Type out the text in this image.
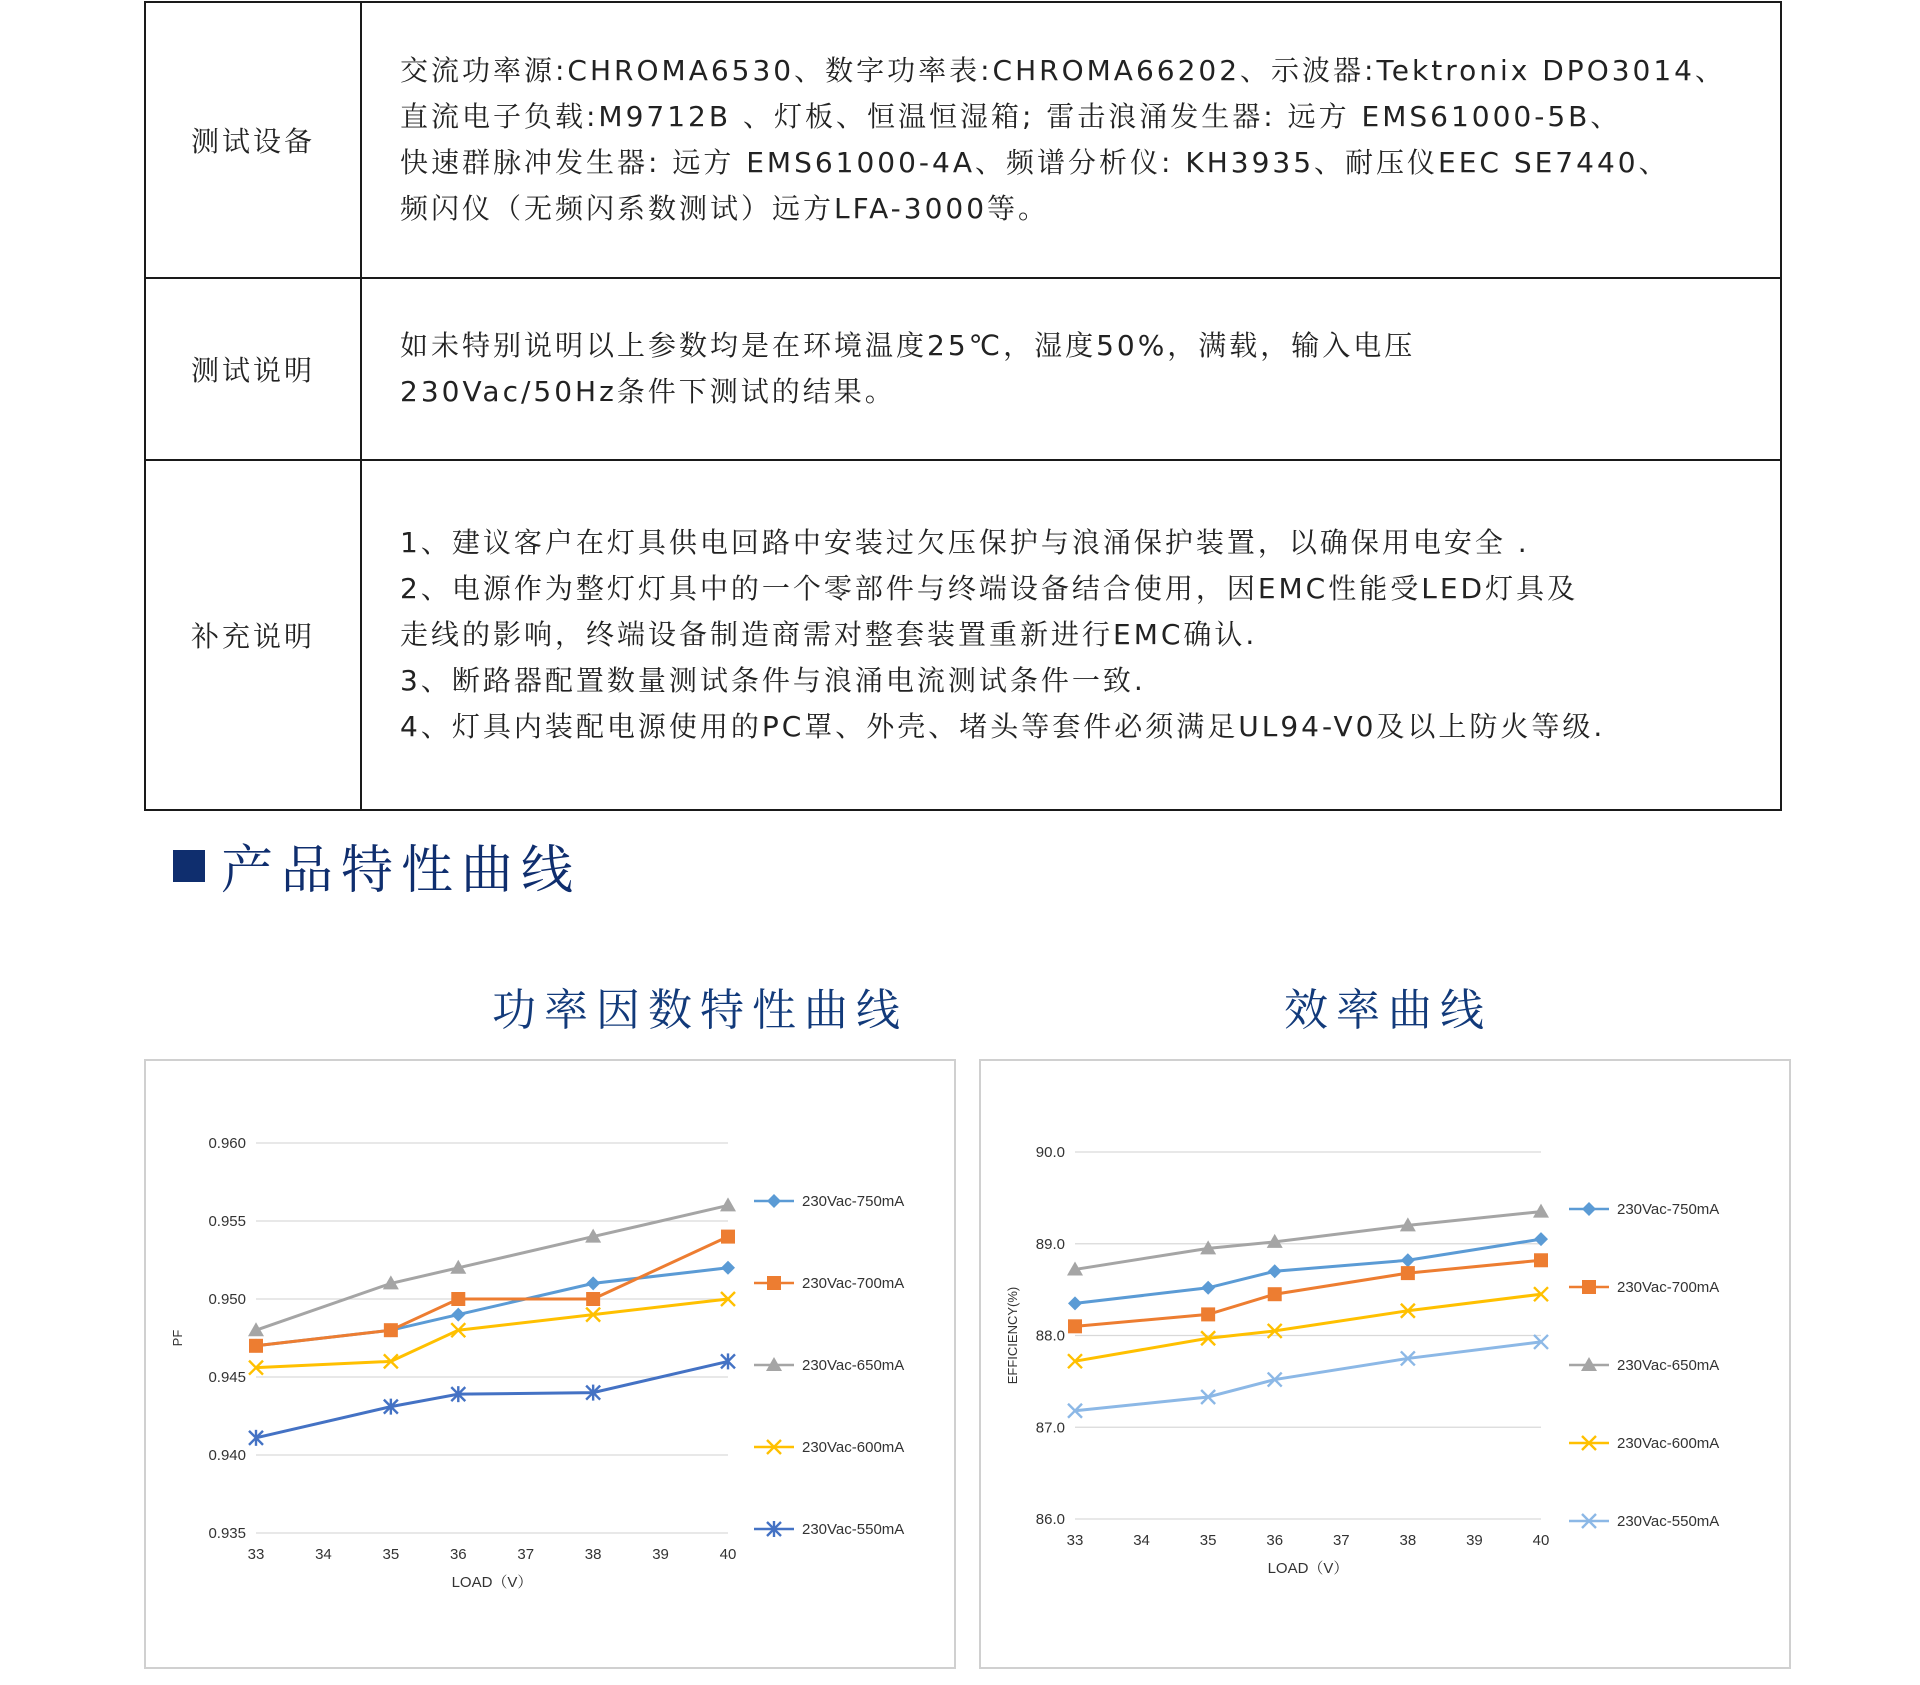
测试设备	交流功率源:CHROMA6530、数字功率表:CHROMA66202、示波器:Tektronix DPO3014、
直流电子负载:M9712B 、灯板、恒温恒湿箱; 雷击浪涌发生器: 远方 EMS61000-5B、
快速群脉冲发生器: 远方 EMS61000-4A、频谱分析仪: KH3935、耐压仪EEC SE7440、
频闪仪（无频闪系数测试）远方LFA-3000等。

测试说明	如未特别说明以上参数均是在环境温度25℃，湿度50%，满载，输入电压
230Vac/50Hz条件下测试的结果。

补充说明	1、建议客户在灯具供电回路中安装过欠压保护与浪涌保护装置，以确保用电安全 .
2、电源作为整灯灯具中的一个零部件与终端设备结合使用，因EMC性能受LED灯具及
走线的影响，终端设备制造商需对整套装置重新进行EMC确认.
3、断路器配置数量测试条件与浪涌电流测试条件一致.
4、灯具内装配电源使用的PC罩、外壳、堵头等套件必须满足UL94-V0及以上防火等级.
产品特性曲线
功率因数特性曲线	效率曲线
0.960
0.955
0.950
0.945
0.940
0.935
33	34	35	36	37	38	39	40
LOAD（V）
PF
230Vac-750mA
230Vac-700mA
230Vac-650mA
230Vac-600mA
230Vac-550mA
90.0
89.0
88.0
87.0
86.0
33	34	35	36	37	38	39	40
LOAD（V）
EFFICIENCY(%)
230Vac-750mA
230Vac-700mA
230Vac-650mA
230Vac-600mA
230Vac-550mA
